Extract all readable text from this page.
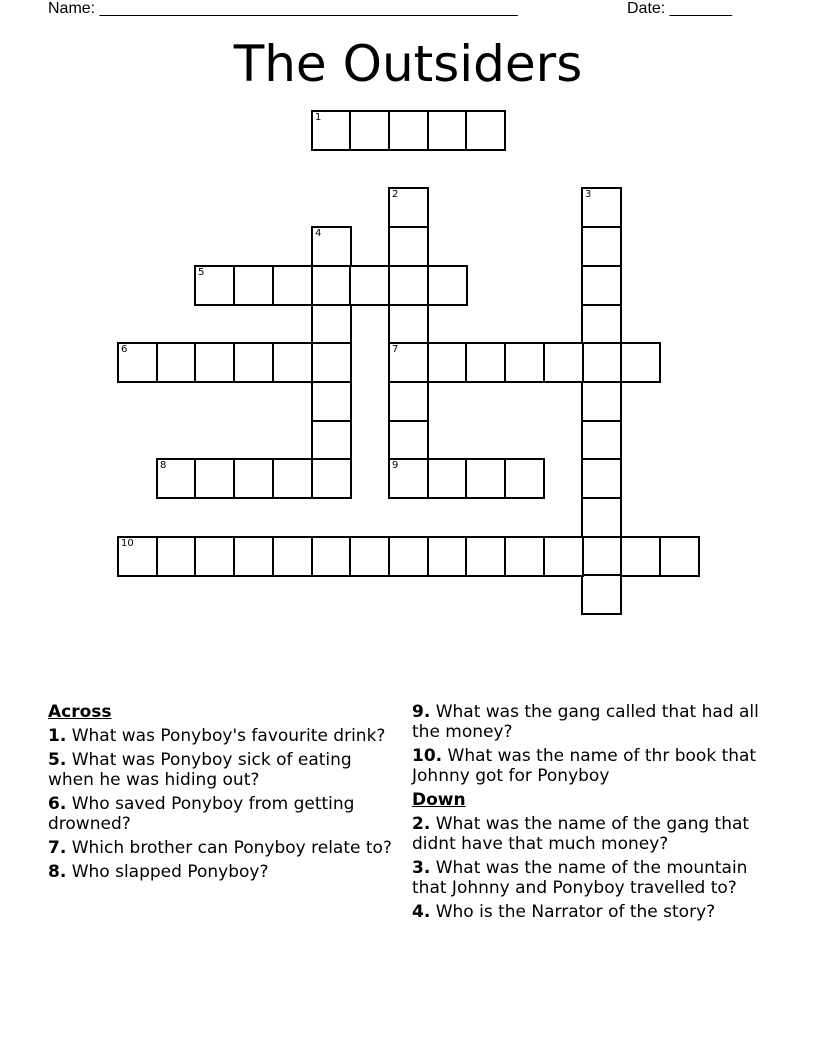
Name: _______________________________________________	Date: _______
The Outsiders
1
2
7
3
4
5
6
8	9
10
Across
1. What was Ponyboy's favourite drink?
5. What was Ponyboy sick of eating when he was hiding out?
6. Who saved Ponyboy from getting drowned?
7. Which brother can Ponyboy relate to?
8. Who slapped Ponyboy?
9. What was the gang called that had all the money?
10. What was the name of thr book that Johnny got for Ponyboy
Down
2. What was the name of the gang that didnt have that much money?
3. What was the name of the mountain that Johnny and Ponyboy travelled to?
4. Who is the Narrator of the story?
